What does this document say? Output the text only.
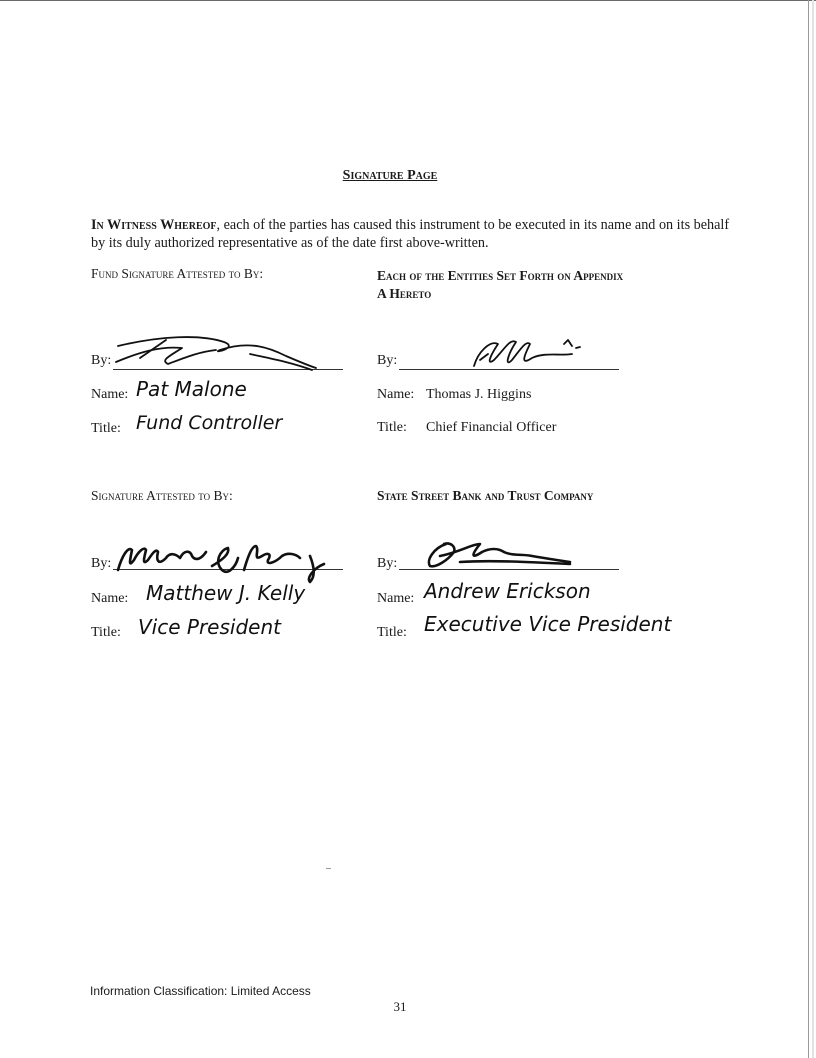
Signature Page
In Witness Whereof, each of the parties has caused this instrument to be executed in its name and on its behalf by its duly authorized representative as of the date first above-written.
Fund Signature Attested to By:
By:
Name: Pat Malone
Title: Fund Controller
Each of the Entities Set Forth on Appendix
A Hereto
By:
Name: Thomas J. Higgins
Title: Chief Financial Officer
Signature Attested to By:
By:
Name: Matthew J. Kelly
Title: Vice President
State Street Bank and Trust Company
By:
Name: Andrew Erickson
Title: Executive Vice President
Information Classification: Limited Access
31
